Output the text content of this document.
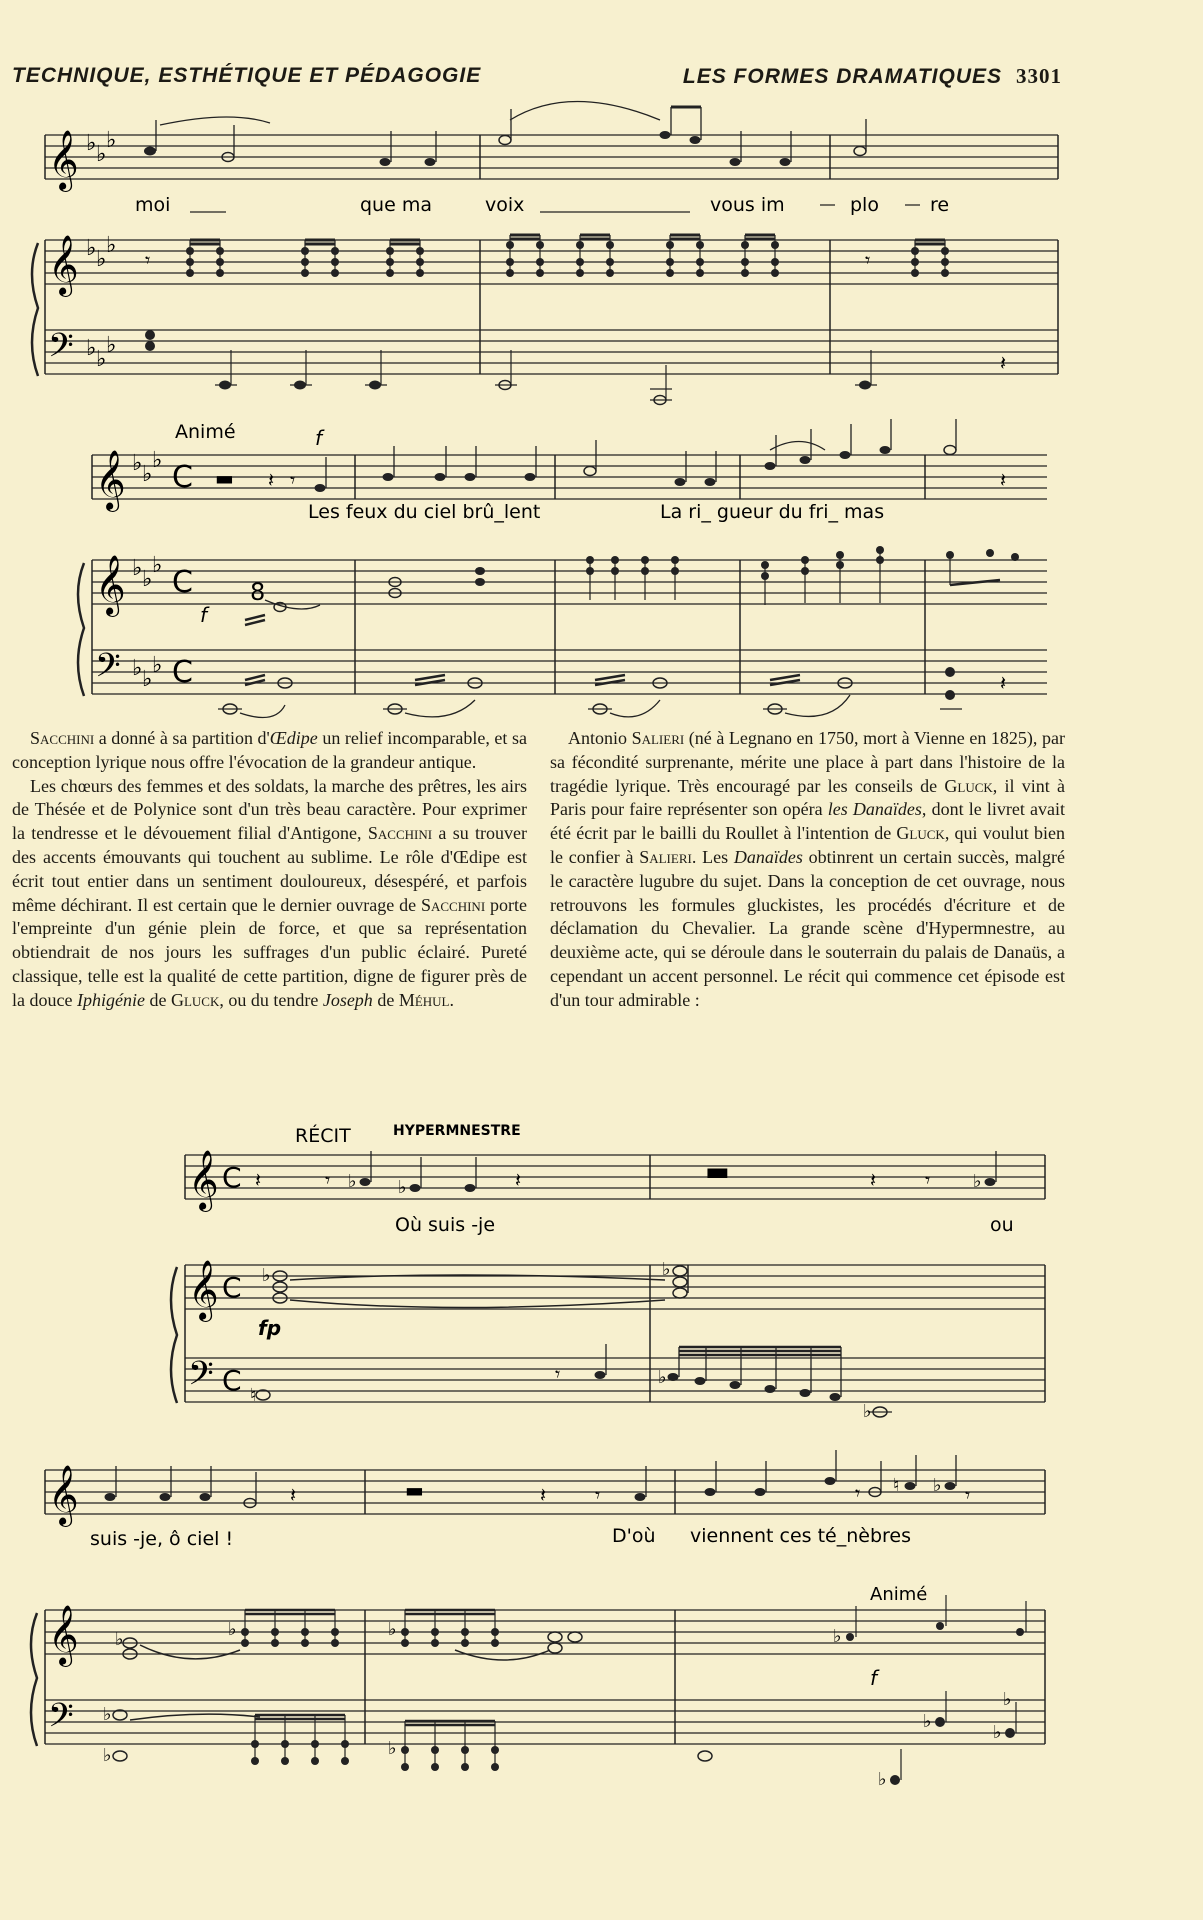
TECHNIQUE, ESTHÉTIQUE ET PÉDAGOGIE	LES FORMES DRAMATIQUES 3301
𝄞
𝄞
𝄢
♭ ♭
♭
♭ ♭
♭
♭ ♭
♭
𝄾	𝄾
𝄽
moi	que ma	voix	vous im	plo	re
Animé	f
𝄞
𝄞
𝄢
♭ ♭
♭
♭ ♭
♭
♭ ♭
♭
C
C
C
▬ 𝄽 𝄾	𝄽
𝄽
8
f
Les feux du ciel brû_lent	La ri_ gueur du fri_ mas

Sacchini a donné à sa partition d'Œdipe un relief incomparable, et sa conception lyrique nous offre l'évocation de la grandeur antique.

Les chœurs des femmes et des soldats, la marche des prêtres, les airs de Thésée et de Polynice sont d'un très beau caractère. Pour exprimer la tendresse et le dévouement filial d'Antigone, Sacchini a su trouver des accents émouvants qui touchent au sublime. Le rôle d'Œdipe est écrit tout entier dans un sentiment douloureux, désespéré, et parfois même déchirant. Il est certain que le dernier ouvrage de Sacchini porte l'empreinte d'un génie plein de force, et que sa représentation obtiendrait de nos jours les suffrages d'un public éclairé. Pureté classique, telle est la qualité de cette partition, digne de figurer près de la douce Iphigénie de Gluck, ou du tendre Joseph de Méhul.

Antonio Salieri (né à Legnano en 1750, mort à Vienne en 1825), par sa fécondité surprenante, mérite une place à part dans l'histoire de la tragédie lyrique. Très encouragé par les conseils de Gluck, il vint à Paris pour faire représenter son opéra les Danaïdes, dont le livret avait été écrit par le bailli du Roullet à l'intention de Gluck, qui voulut bien le confier à Salieri. Les Danaïdes obtinrent un certain succès, malgré le caractère lugubre du sujet. Dans la conception de cet ouvrage, nous retrouvons les formules gluckistes, les procédés d'écriture et de déclamation du Chevalier. La grande scène d'Hypermnestre, au deuxième acte, qui se déroule dans le souterrain du palais de Danaüs, a cependant un accent personnel. Le récit qui commence cet épisode est d'un tour admirable :

RÉCIT	HYPERMNESTRE
𝄞
𝄞
𝄢
C
C
C
𝄽	𝄾	𝄽	𝄽 𝄾
𝄾
▬
♭ ♭	♭
♭	♭
fp
♮
♭
♭
Où suis -je	ou
𝄞
𝄞
𝄢
♮ ♭
𝄽	𝄽 𝄾	𝄾	𝄾
▬
Animé
f
♭	♭	♭	♭
♭
♭	♭
♭
♭
♭
♭
suis -je, ô ciel !	D'où viennent ces té_nèbres
